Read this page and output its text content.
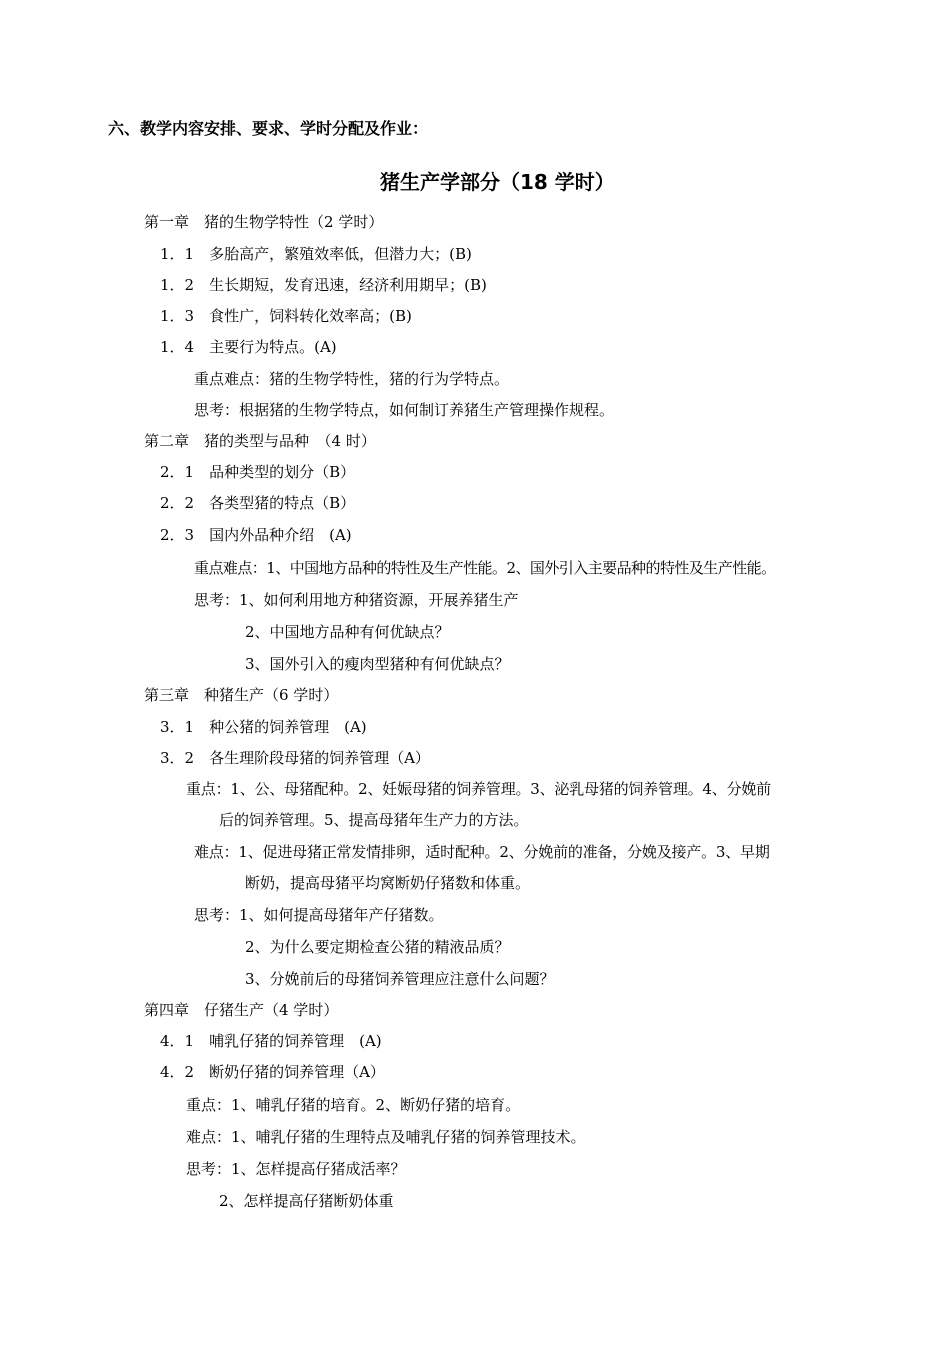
六、教学内容安排、要求、学时分配及作业：
猪生产学部分（18 学时）
第一章　猪的生物学特性（2 学时）
1．1　多胎高产，繁殖效率低，但潜力大；(B)
1．2　生长期短，发育迅速，经济利用期早；(B)
1．3　食性广，饲料转化效率高；(B)
1．4　主要行为特点。(A)
重点难点：猪的生物学特性，猪的行为学特点。
思考：根据猪的生物学特点，如何制订养猪生产管理操作规程。
第二章　猪的类型与品种　（4 时）
2．1　品种类型的划分（B）
2．2　各类型猪的特点（B）
2．3　国内外品种介绍　(A)
重点难点：1、中国地方品种的特性及生产性能。2、国外引入主要品种的特性及生产性能。
思考：1、如何利用地方种猪资源，开展养猪生产
2、中国地方品种有何优缺点？
3、国外引入的瘦肉型猪种有何优缺点？
第三章　种猪生产（6 学时）
3．1　种公猪的饲养管理　(A)
3．2　各生理阶段母猪的饲养管理（A）
重点：1、公、母猪配种。2、妊娠母猪的饲养管理。3、泌乳母猪的饲养管理。4、分娩前
后的饲养管理。5、提高母猪年生产力的方法。
难点：1、促进母猪正常发情排卵，适时配种。2、分娩前的准备，分娩及接产。3、早期
断奶，提高母猪平均窝断奶仔猪数和体重。
思考：1、如何提高母猪年产仔猪数。
2、为什么要定期检查公猪的精液品质？
3、分娩前后的母猪饲养管理应注意什么问题？
第四章　仔猪生产（4 学时）
4．1　哺乳仔猪的饲养管理　(A)
4．2　断奶仔猪的饲养管理（A）
重点：1、哺乳仔猪的培育。2、断奶仔猪的培育。
难点：1、哺乳仔猪的生理特点及哺乳仔猪的饲养管理技术。
思考：1、怎样提高仔猪成活率？
2、怎样提高仔猪断奶体重
